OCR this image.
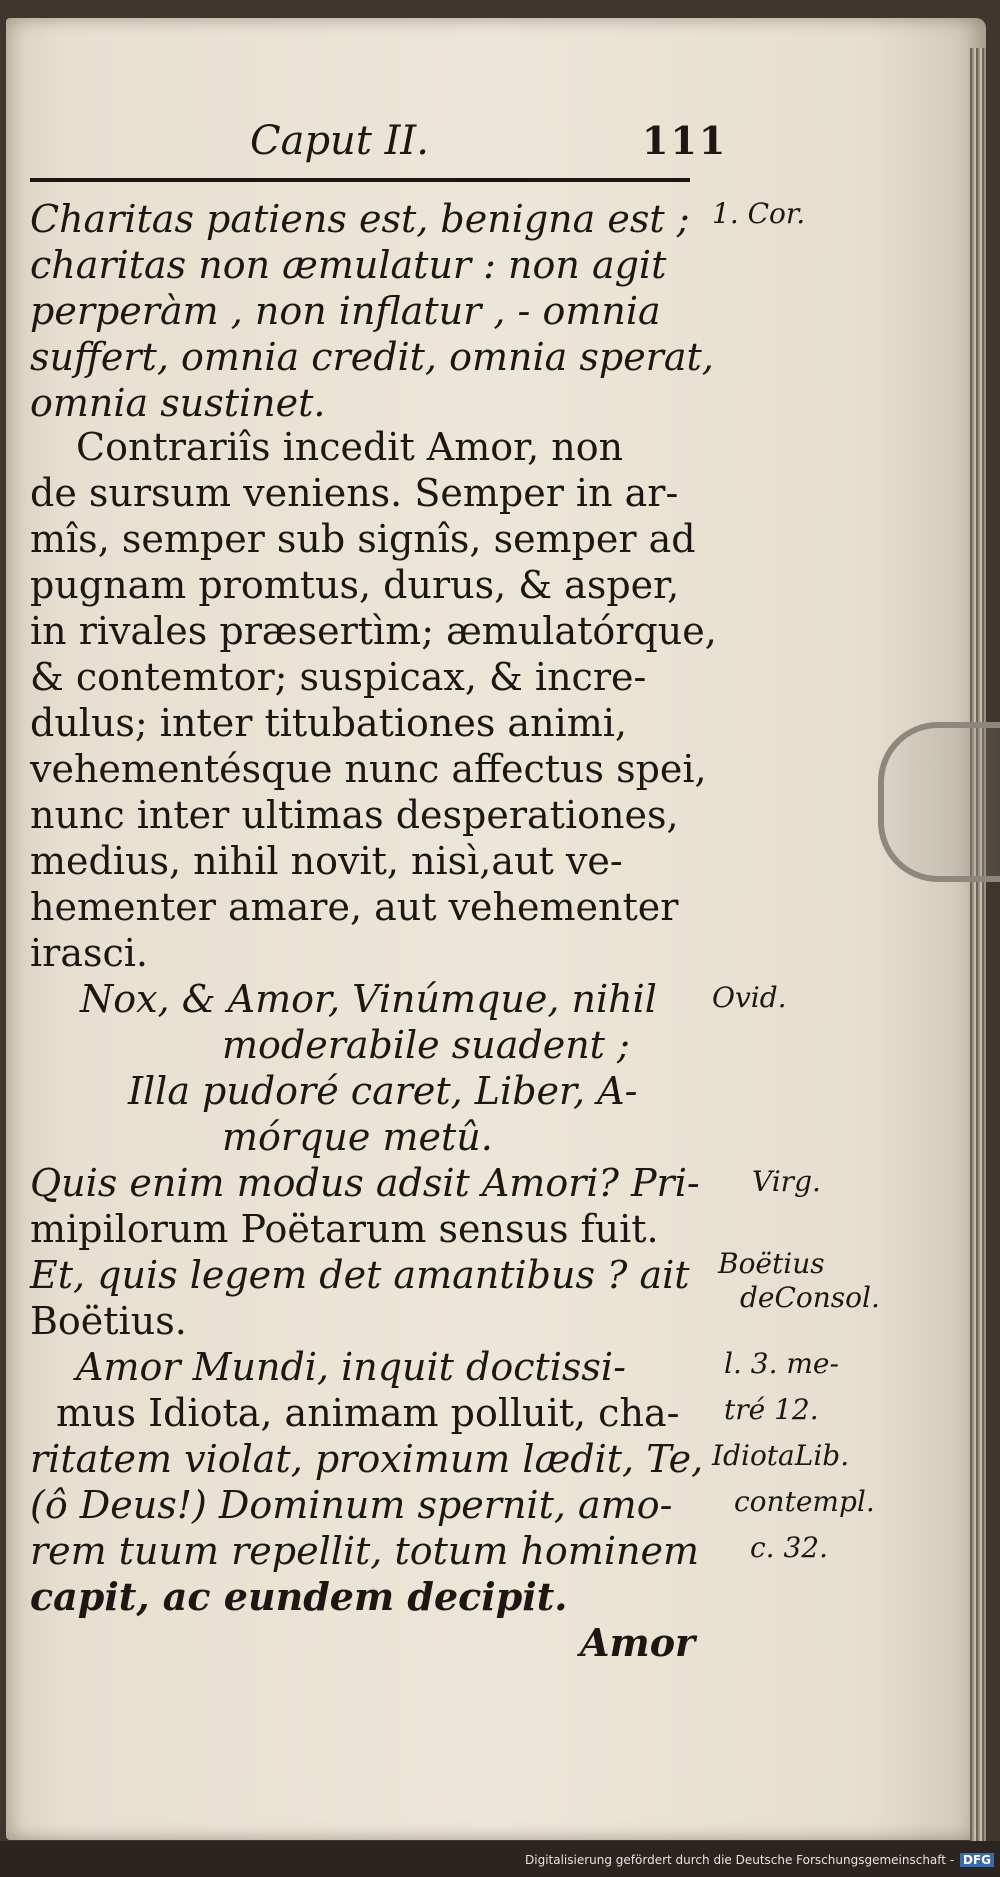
Caput II.	111
Charitas patiens est, benigna est ;
charitas non æmulatur : non agit
perperàm , non inflatur , - omnia
suffert, omnia credit, omnia sperat,
omnia sustinet.
Contrariîs incedit Amor, non
de sursum veniens. Semper in ar-
mîs, semper sub signîs, semper ad
pugnam promtus, durus, & asper,
in rivales præsertìm; æmulatórque,
& contemtor; suspicax, & incre-
dulus; inter titubationes animi,
vehementésque nunc affectus spei,
nunc inter ultimas desperationes,
medius, nihil novit, nisì,aut ve-
hementer amare, aut vehementer
irasci.
Nox, & Amor, Vinúmque, nihil
moderabile suadent ;
Illa pudoré caret, Liber, A-
mórque metû.
Quis enim modus adsit Amori? Pri-
mipilorum Poëtarum sensus fuit.
Et, quis legem det amantibus ? ait
Boëtius.
Amor Mundi, inquit doctissi-
mus Idiota, animam polluit, cha-
ritatem violat, proximum lædit, Te,
(ô Deus!) Dominum spernit, amo-
rem tuum repellit, totum hominem
capit, ac eundem decipit.
Amor
1. Cor.
Ovid.
Virg.
Boëtius
deConsol.
l. 3. me-
tré 12.
IdiotaLib.
contempl.
c. 32.
Digitalisierung gefördert durch die Deutsche Forschungsgemeinschaft - DFG
